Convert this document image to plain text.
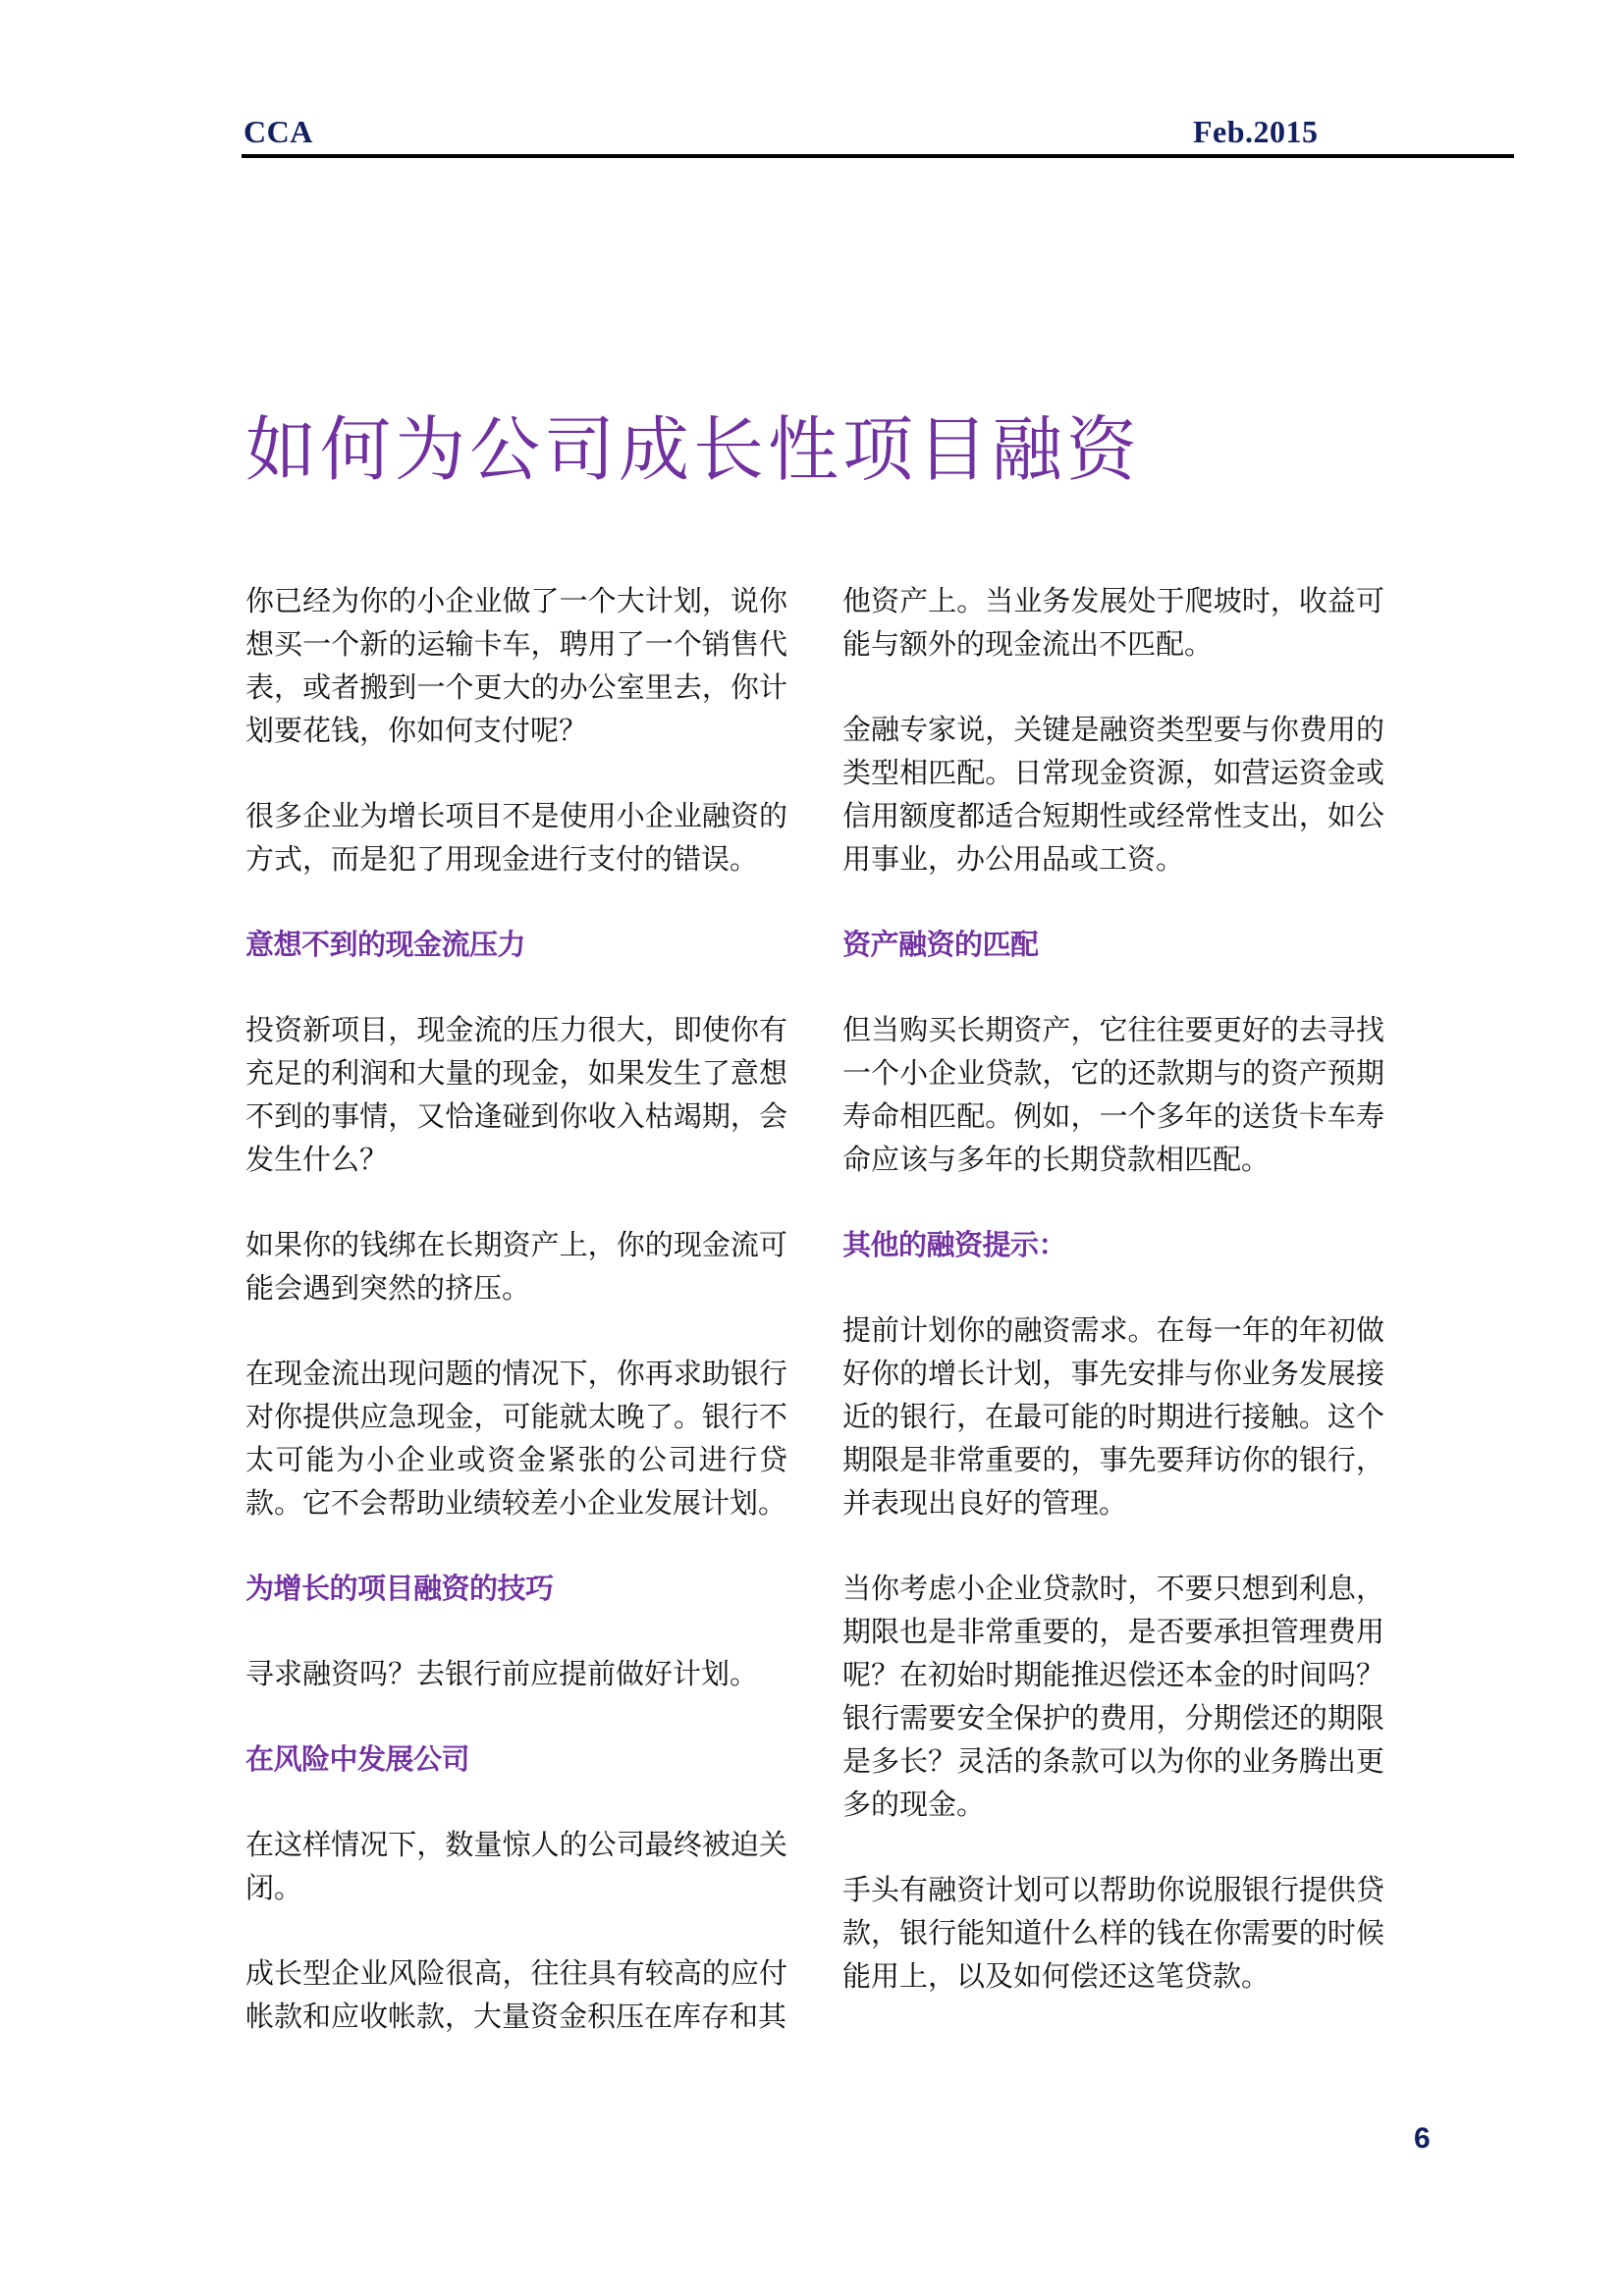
CCA	Feb.2015
如何为公司成长性项目融资

你已经为你的小企业做了一个大计划，说你想买一个新的运输卡车，聘用了一个销售代表，或者搬到一个更大的办公室里去，你计划要花钱，你如何支付呢？

很多企业为增长项目不是使用小企业融资的方式，而是犯了用现金进行支付的错误。

意想不到的现金流压力

投资新项目，现金流的压力很大，即使你有充足的利润和大量的现金，如果发生了意想不到的事情，又恰逢碰到你收入枯竭期，会发生什么？

如果你的钱绑在长期资产上，你的现金流可能会遇到突然的挤压。

在现金流出现问题的情况下，你再求助银行对你提供应急现金，可能就太晚了。银行不太可能为小企业或资金紧张的公司进行贷款。它不会帮助业绩较差小企业发展计划。

为增长的项目融资的技巧

寻求融资吗？去银行前应提前做好计划。

在风险中发展公司

在这样情况下，数量惊人的公司最终被迫关闭。

成长型企业风险很高，往往具有较高的应付帐款和应收帐款，大量资金积压在库存和其

他资产上。当业务发展处于爬坡时，收益可能与额外的现金流出不匹配。

金融专家说，关键是融资类型要与你费用的类型相匹配。日常现金资源，如营运资金或信用额度都适合短期性或经常性支出，如公用事业，办公用品或工资。

资产融资的匹配

但当购买长期资产，它往往要更好的去寻找一个小企业贷款，它的还款期与的资产预期寿命相匹配。例如，一个多年的送货卡车寿命应该与多年的长期贷款相匹配。

其他的融资提示：

提前计划你的融资需求。在每一年的年初做好你的增长计划，事先安排与你业务发展接近的银行，在最可能的时期进行接触。这个期限是非常重要的，事先要拜访你的银行，并表现出良好的管理。

当你考虑小企业贷款时，不要只想到利息，期限也是非常重要的，是否要承担管理费用呢？在初始时期能推迟偿还本金的时间吗？银行需要安全保护的费用，分期偿还的期限是多长？灵活的条款可以为你的业务腾出更多的现金。

手头有融资计划可以帮助你说服银行提供贷款，银行能知道什么样的钱在你需要的时候能用上，以及如何偿还这笔贷款。

6
